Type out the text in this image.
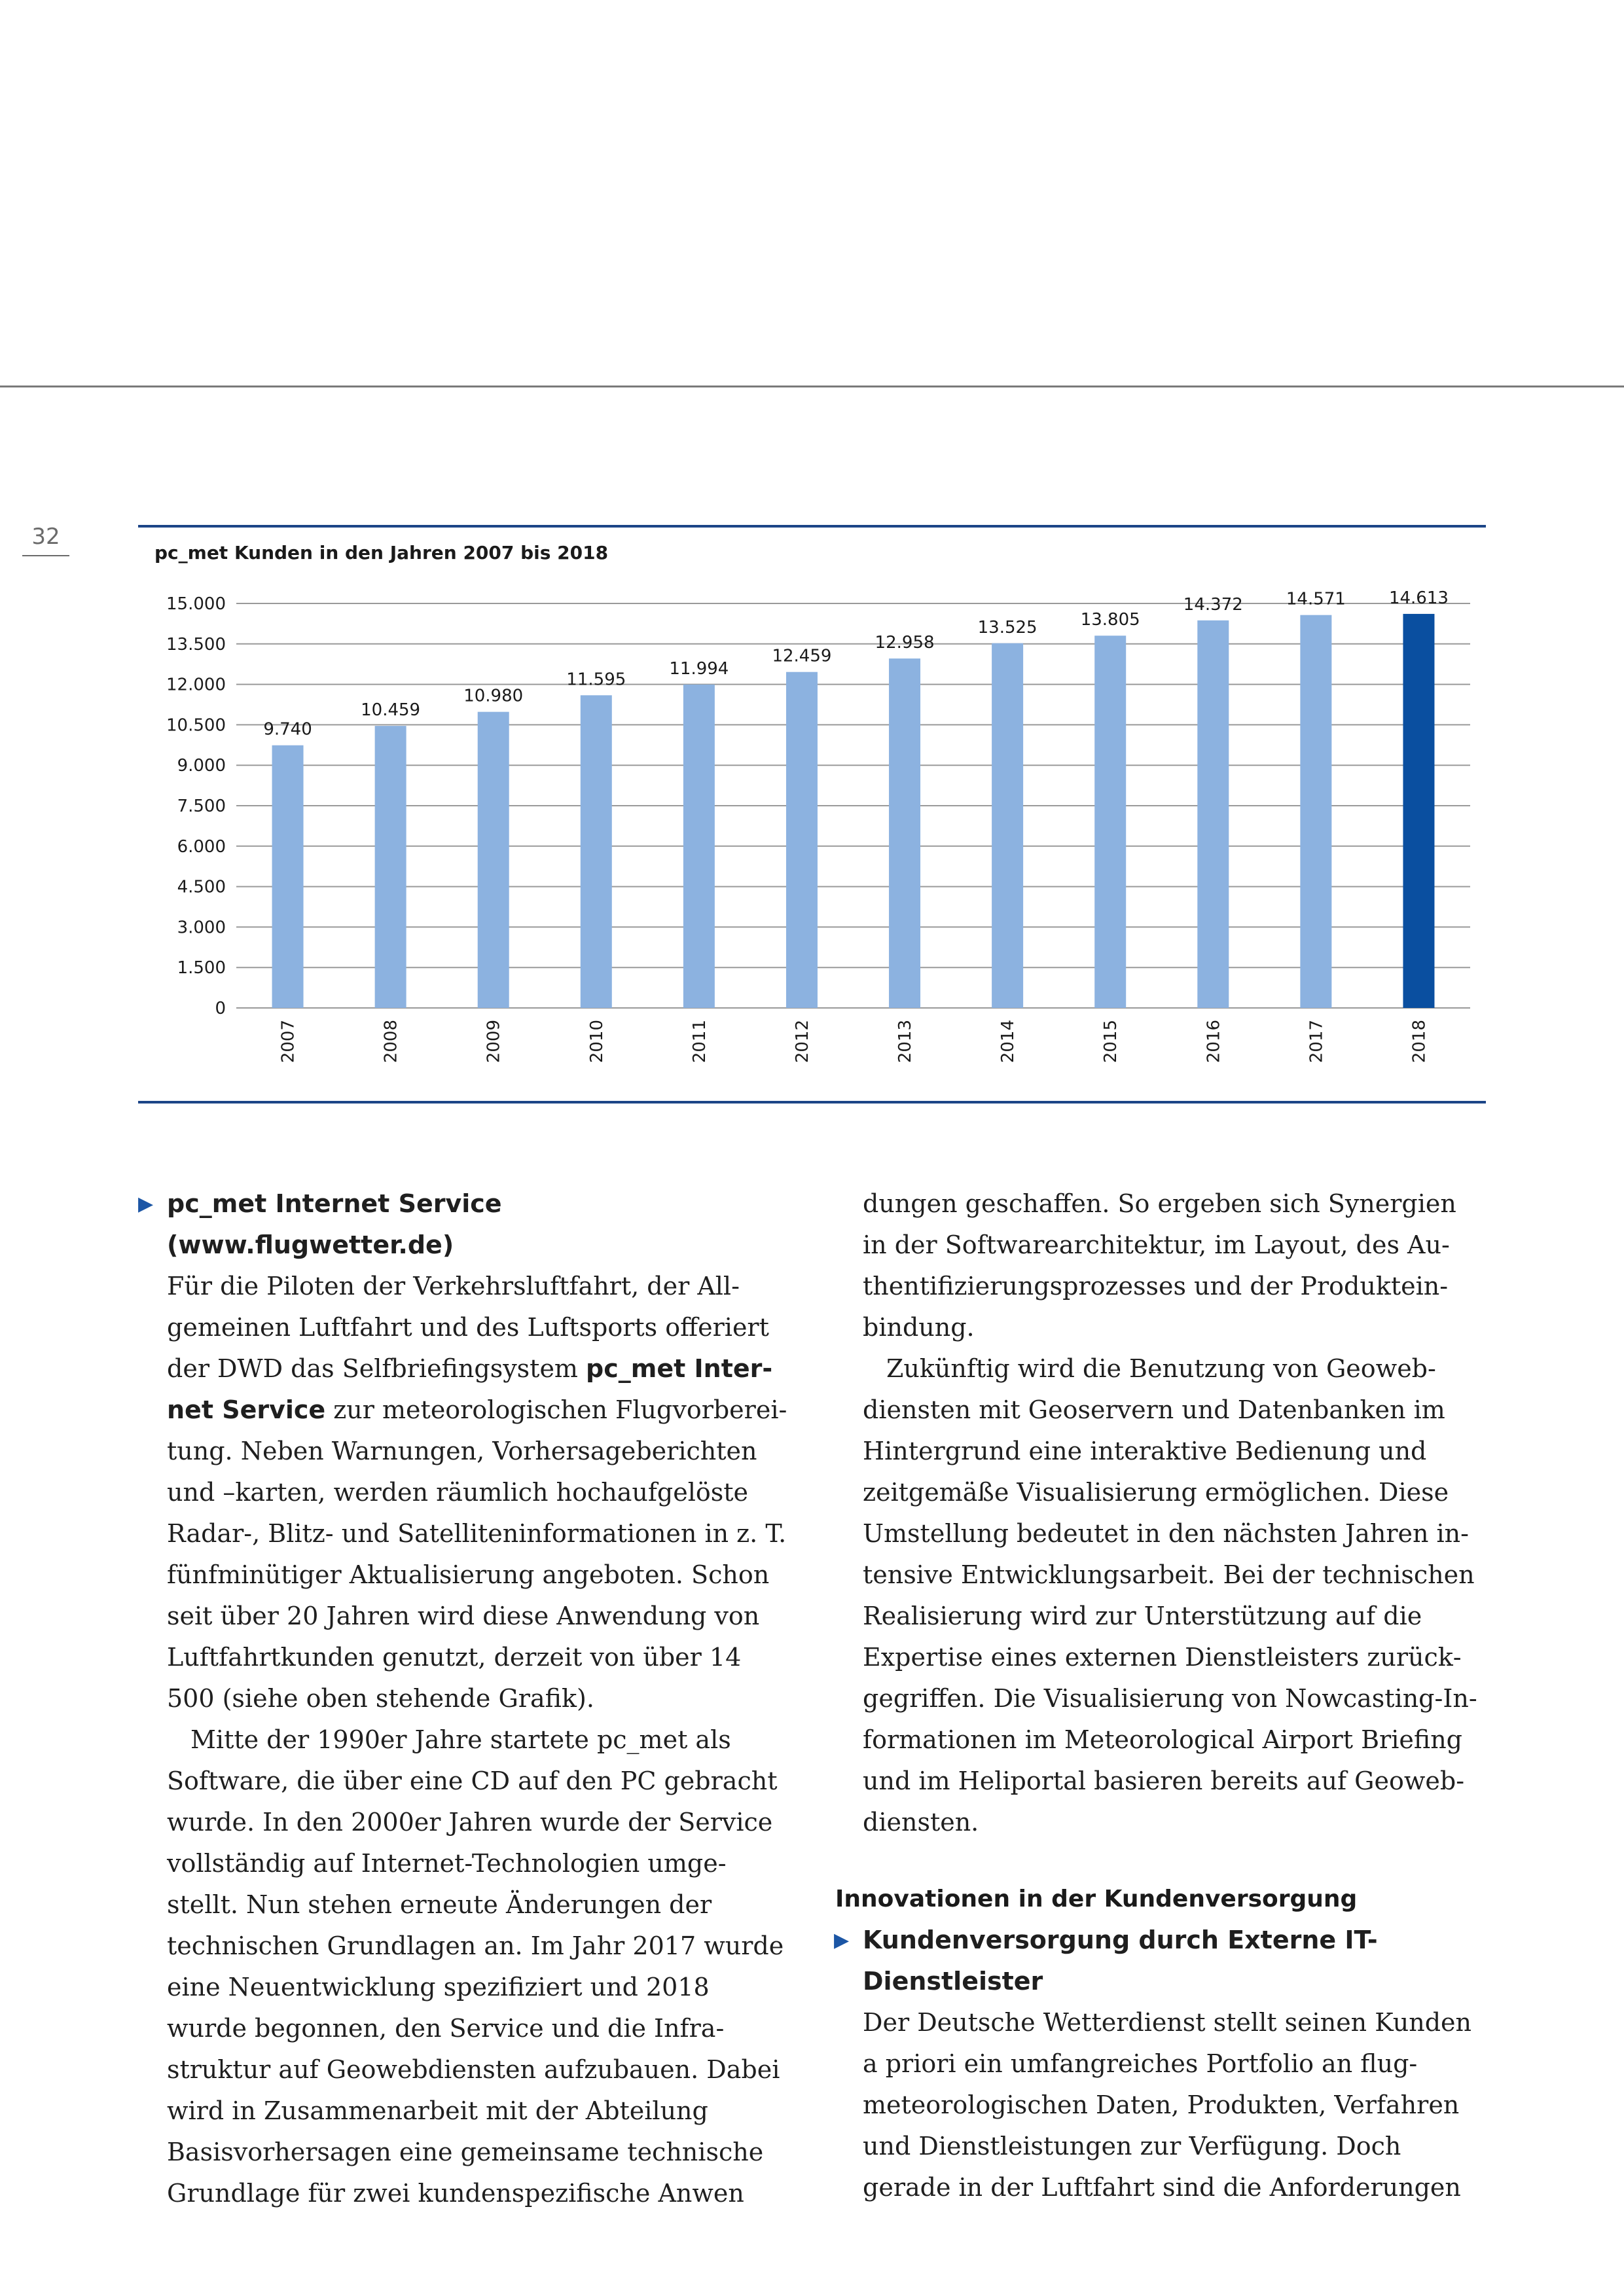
32
pc_met Kunden in den Jahren 2007 bis 2018
0
1.500
3.000
4.500
6.000
7.500
9.000
10.500
12.000
13.500
15.000
9.740
2007
10.459
2008
10.980
2009
11.595
2010
11.994
2011
12.459
2012
12.958
2013
13.525
2014
13.805
2015
14.372
2016
14.571
2017
14.613
2018
▶ pc_met Internet Service (www.flugwetter.de)

Für die Piloten der Verkehrsluftfahrt, der Allgemeinen Luftfahrt und des Luftsports offeriert der DWD das Selfbriefingsystem pc_met Internet Service zur meteorologischen Flugvorbereitung. Neben Warnungen, Vorhersageberichten und –karten, werden räumlich hochaufgelöste Radar-, Blitz- und Satelliteninformationen in z. T. fünfminütiger Aktualisierung angeboten. Schon seit über 20 Jahren wird diese Anwendung von Luftfahrtkunden genutzt, derzeit von über 14 500 (siehe oben stehende Grafik).

Mitte der 1990er Jahre startete pc_met als Software, die über eine CD auf den PC gebracht wurde. In den 2000er Jahren wurde der Service vollständig auf Internet-Technologien umgestellt. Nun stehen erneute Änderungen der technischen Grundlagen an. Im Jahr 2017 wurde eine Neuentwicklung spezifiziert und 2018 wurde begonnen, den Service und die Infrastruktur auf Geowebdiensten aufzubauen. Dabei wird in Zusammenarbeit mit der Abteilung Basisvorhersagen eine gemeinsame technische Grundlage für zwei kundenspezifische Anwen

dungen geschaffen. So ergeben sich Synergien in der Softwarearchitektur, im Layout, des Authentifizierungsprozesses und der Produkteinbindung.

Zukünftig wird die Benutzung von Geowebdiensten mit Geoservern und Datenbanken im Hintergrund eine interaktive Bedienung und zeitgemäße Visualisierung ermöglichen. Diese Umstellung bedeutet in den nächsten Jahren intensive Entwicklungsarbeit. Bei der technischen Realisierung wird zur Unterstützung auf die Expertise eines externen Dienstleisters zurückgegriffen. Die Visualisierung von Nowcasting-Informationen im Meteorological Airport Briefing und im Heliportal basieren bereits auf Geowebdiensten.

Innovationen in der Kundenversorgung
▶ Kundenversorgung durch Externe IT-Dienstleister

Der Deutsche Wetterdienst stellt seinen Kunden a priori ein umfangreiches Portfolio an flugmeteorologischen Daten, Produkten, Verfahren und Dienstleistungen zur Verfügung. Doch gerade in der Luftfahrt sind die Anforderungen
